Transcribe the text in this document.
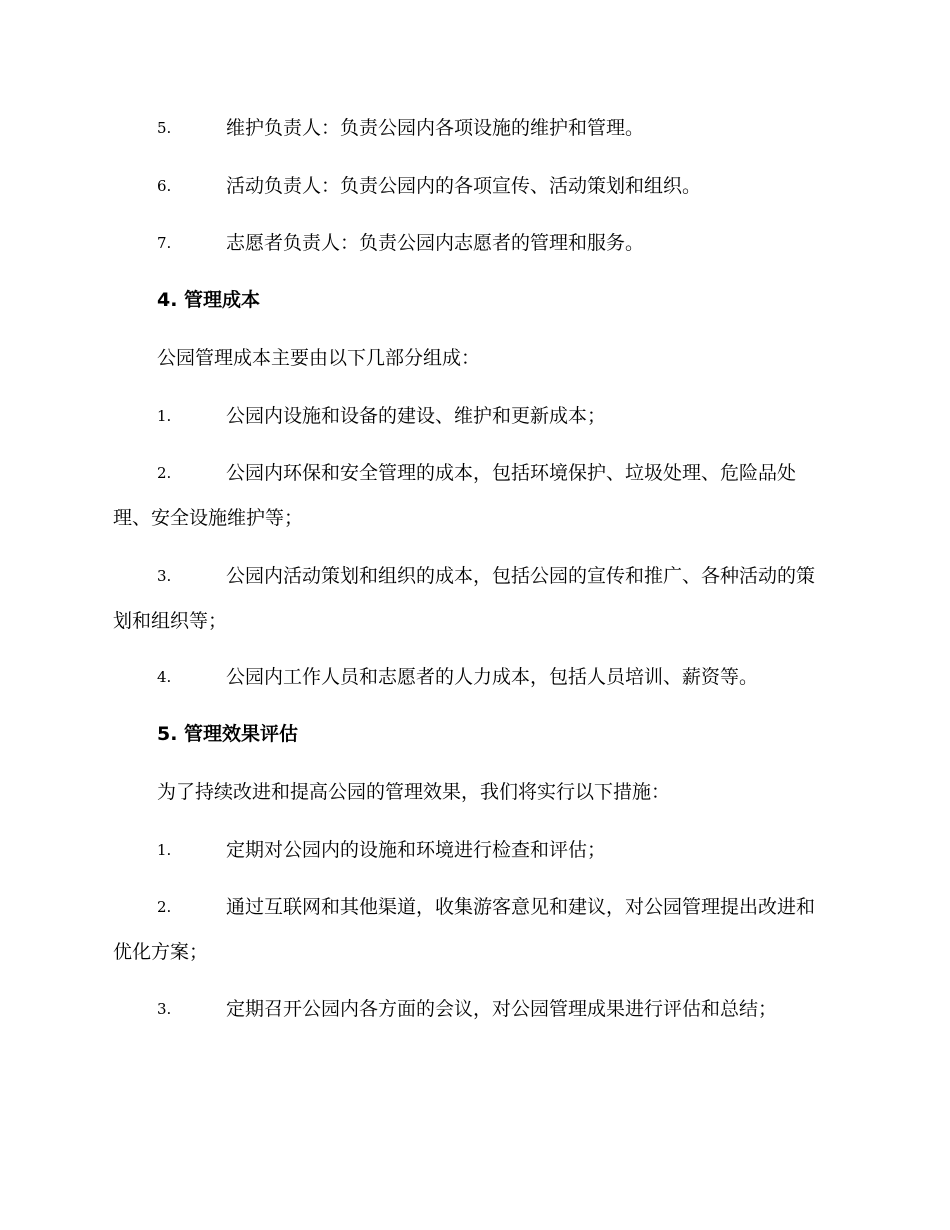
5.	维护负责人：负责公园内各项设施的维护和管理。
6.	活动负责人：负责公园内的各项宣传、活动策划和组织。
7.	志愿者负责人：负责公园内志愿者的管理和服务。
4. 管理成本
公园管理成本主要由以下几部分组成：
1.	公园内设施和设备的建设、维护和更新成本；
2.	公园内环保和安全管理的成本，包括环境保护、垃圾处理、危险品处理、安全设施维护等；
3.	公园内活动策划和组织的成本，包括公园的宣传和推广、各种活动的策划和组织等；
4.	公园内工作人员和志愿者的人力成本，包括人员培训、薪资等。
5. 管理效果评估
为了持续改进和提高公园的管理效果，我们将实行以下措施：
1.	定期对公园内的设施和环境进行检查和评估；
2.	通过互联网和其他渠道，收集游客意见和建议，对公园管理提出改进和优化方案；
3.	定期召开公园内各方面的会议，对公园管理成果进行评估和总结；
